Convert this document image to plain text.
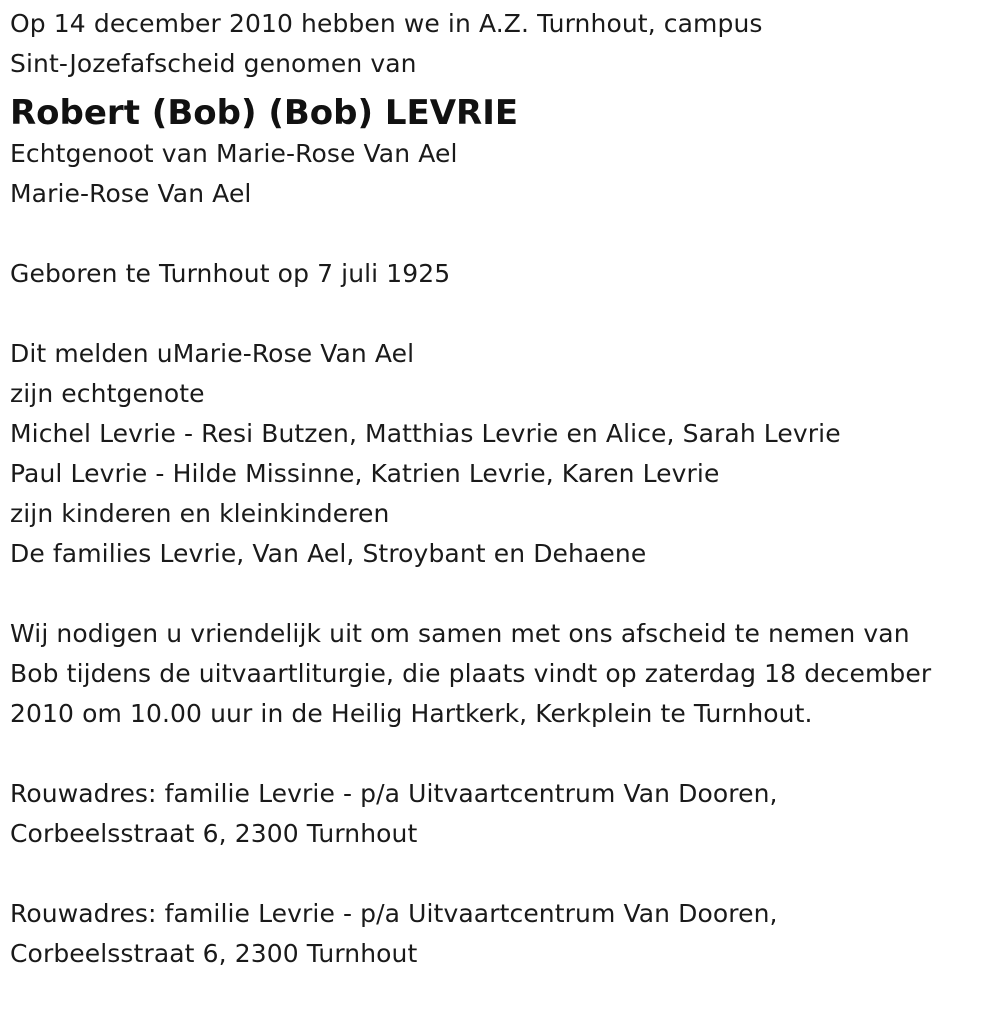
Op 14 december 2010 hebben we in A.Z. Turnhout, campus
Sint-Jozefafscheid genomen van
Robert (Bob) (Bob) LEVRIE
Echtgenoot van Marie-Rose Van Ael
Marie-Rose Van Ael
Geboren te Turnhout op 7 juli 1925
Dit melden uMarie-Rose Van Ael
zijn echtgenote
Michel Levrie - Resi Butzen, Matthias Levrie en Alice, Sarah Levrie
Paul Levrie - Hilde Missinne, Katrien Levrie, Karen Levrie
zijn kinderen en kleinkinderen
De families Levrie, Van Ael, Stroybant en Dehaene
Wij nodigen u vriendelijk uit om samen met ons afscheid te nemen van
Bob tijdens de uitvaartliturgie, die plaats vindt op zaterdag 18 december
2010 om 10.00 uur in de Heilig Hartkerk, Kerkplein te Turnhout.
Rouwadres: familie Levrie - p/a Uitvaartcentrum Van Dooren,
Corbeelsstraat 6, 2300 Turnhout
Rouwadres: familie Levrie - p/a Uitvaartcentrum Van Dooren,
Corbeelsstraat 6, 2300 Turnhout
